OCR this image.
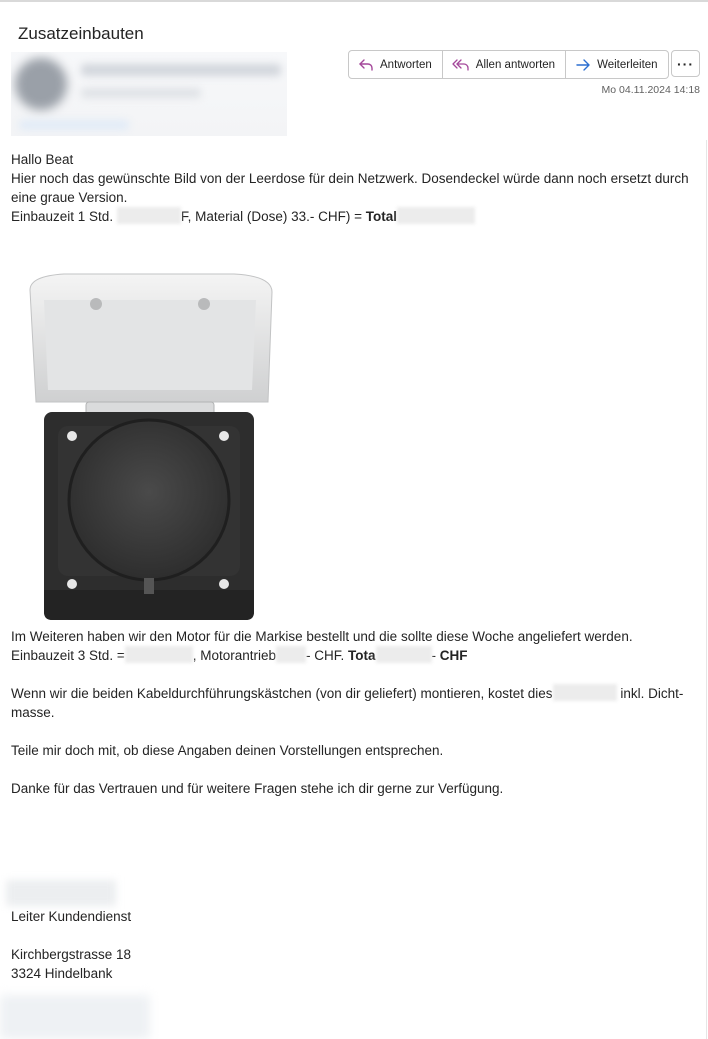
Zusatzeinbauten
Antworten	Allen antworten	Weiterleiten ···
Mo 04.11.2024 14:18

Hallo Beat

Hier noch das gewünschte Bild von der Leerdose für dein Netzwerk. Dosendeckel würde dann noch ersetzt durch eine graue Version.

Einbauzeit 1 Std.	F, Material (Dose) 33.- CHF) = Total

Im Weiteren haben wir den Motor für die Markise bestellt und die sollte diese Woche angeliefert werden.

Einbauzeit 3 Std. =	, Motorantrieb - CHF. Tota	- CHF

Wenn wir die beiden Kabeldurchführungskästchen (von dir geliefert) montieren, kostet dies	inkl. Dicht-masse.

Teile mir doch mit, ob diese Angaben deinen Vorstellungen entsprechen.

Danke für das Vertrauen und für weitere Fragen stehe ich dir gerne zur Verfügung.

Leiter Kundendienst
Kirchbergstrasse 18
3324 Hindelbank
